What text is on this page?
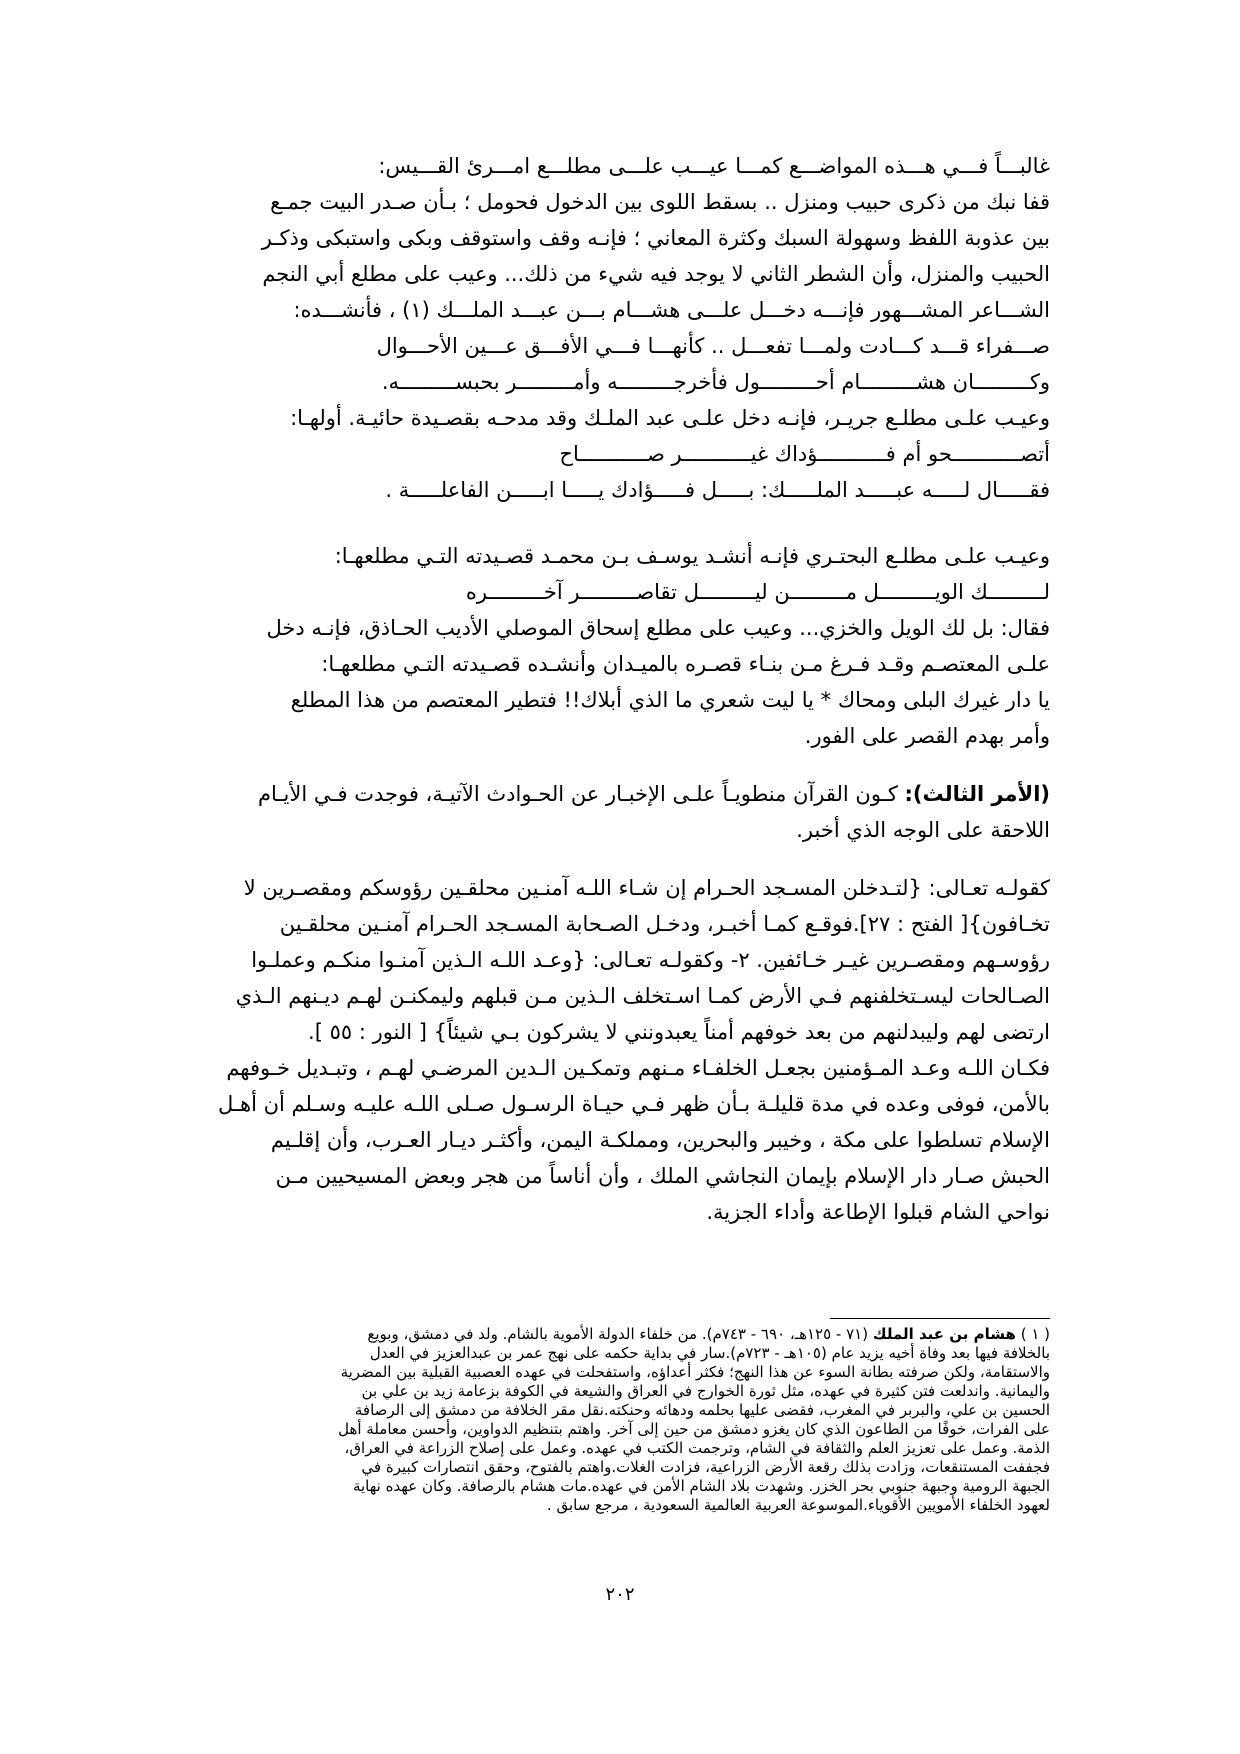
غالبـــاً فـــي هـــذه المواضـــع كمـــا عيـــب علـــى مطلـــع امـــرئ القـــيس:
قفا نبك من ذكرى حبيب ومنزل .. بسقط اللوى بين الدخول فحومل ؛ بـأن صـدر البيت جمـع
بين عذوبة اللفظ وسهولة السبك وكثرة المعاني ؛ فإنـه وقف واستوقف وبكى واستبكى وذكـر
الحبيب والمنزل، وأن الشطر الثاني لا يوجد فيه شيء من ذلك... وعيب على مطلع أبي النجم
الشـــاعر المشـــهور فإنـــه دخـــل علـــى هشـــام بـــن عبـــد الملـــك (١) ، فأنشـــده:
صـــفراء قـــد كـــادت ولمـــا تفعـــل .. كأنهـــا فـــي الأفـــق عـــين الأحـــوال
وكـــــــــان هشـــــــــام أحـــــــــول فأخرجـــــــــه وأمـــــــــر بحبســـــــــه.
وعيـب علـى مطلـع جريـر، فإنـه دخل علـى عبد الملـك وقد مدحـه بقصـيدة حائيـة. أولهـا:
أتصـــــــــــحو أم فـــــــــــؤداك غيـــــــــــر صـــــــــــاح
فقـــــال لـــــه عبـــــد الملـــــك: بـــــل فـــــؤادك يـــــا ابـــــن الفاعلـــــة .
وعيـب علـى مطلـع البحتـري فإنـه أنشـد يوسـف بـن محمـد قصـيدته التـي مطلعهـا:
لـــــــــك الويـــــــــل مـــــــــن ليـــــــــل تقاصـــــــــر آخـــــــــره
فقال: بل لك الويل والخزي... وعيب على مطلع إسحاق الموصلي الأديب الحـاذق، فإنـه دخل
علـى المعتصـم وقـد فـرغ مـن بنـاء قصـره بالميـدان وأنشـده قصـيدته التـي مطلعهـا:
يا دار غيرك البلى ومحاك * يا ليت شعري ما الذي أبلاك!! فتطير المعتصم من هذا المطلع
وأمر بهدم القصر على الفور.
(الأمر الثالث): كـون القرآن منطويـاً علـى الإخبـار عن الحـوادث الآتيـة، فوجدت فـي الأيـام
اللاحقة على الوجه الذي أخبر.
كقولـه تعـالى: {لتـدخلن المسـجد الحـرام إن شـاء اللـه آمنـين محلقـين رؤوسكم ومقصـرين لا
تخـافون}[ الفتح : ٢٧].فوقـع كمـا أخبـر، ودخـل الصـحابة المسـجد الحـرام آمنـين محلقـين
رؤوسـهم ومقصـرين غيـر خـائفين. ٢- وكقولـه تعـالى: {وعـد اللـه الـذين آمنـوا منكـم وعملـوا
الصـالحات ليسـتخلفنهم فـي الأرض كمـا اسـتخلف الـذين مـن قبلهم وليمكنـن لهـم ديـنهم الـذي
ارتضى لهم وليبدلنهم من بعد خوفهم أمناً يعبدونني لا يشركون بـي شيئاً} [ النور : ٥٥ ].
فكـان اللـه وعـد المـؤمنين بجعـل الخلفـاء مـنهم وتمكـين الـدين المرضـي لهـم ، وتبـديل خـوفهم
بالأمن، فوفى وعده في مدة قليلـة بـأن ظهر فـي حيـاة الرسـول صـلى اللـه عليـه وسـلم أن أهـل
الإسلام تسلطوا على مكة ، وخيبر والبحرين، ومملكـة اليمن، وأكثـر ديـار العـرب، وأن إقلـيم
الحبش صـار دار الإسلام بإيمان النجاشي الملك ، وأن أناساً من هجر وبعض المسيحيين مـن
نواحي الشام قبلوا الإطاعة وأداء الجزية.
( ١ ) هشام بن عبد الملك (٧١ - ١٢٥هـ، ٦٩٠ - ٧٤٣م). من خلفاء الدولة الأموية بالشام. ولد في دمشق، وبويع
بالخلافة فيها بعد وفاة أخيه يزيد عام (١٠٥هـ - ٧٢٣م).سار في بداية حكمه على نهج عمر بن عبدالعزيز في العدل
والاستقامة، ولكن صرفته بطانة السوء عن هذا النهج؛ فكثر أعداؤه، واستفحلت في عهده العصبية القبلية بين المضرية
واليمانية. واندلعت فتن كثيرة في عهده، مثل ثورة الخوارج في العراق والشيعة في الكوفة بزعامة زيد بن علي بن
الحسين بن علي، والبربر في المغرب، فقضى عليها بحلمه ودهائه وحنكته.نقل مقر الخلافة من دمشق إلى الرصافة
على الفرات، خوفًا من الطاعون الذي كان يغزو دمشق من حين إلى آخر. واهتم بتنظيم الدواوين، وأحسن معاملة أهل
الذمة. وعمل على تعزيز العلم والثقافة في الشام، وترجمت الكتب في عهده. وعمل على إصلاح الزراعة في العراق،
فجففت المستنقعات، وزادت بذلك رقعة الأرض الزراعية، فزادت الغلات.واهتم بالفتوح، وحقق انتصارات كبيرة في
الجبهة الرومية وجبهة جنوبي بحر الخزر. وشهدت بلاد الشام الأمن في عهده.مات هشام بالرصافة. وكان عهده نهاية
لعهود الخلفاء الأمويين الأقوياء.الموسوعة العربية العالمية السعودية ، مرجع سابق .
٢٠٢
